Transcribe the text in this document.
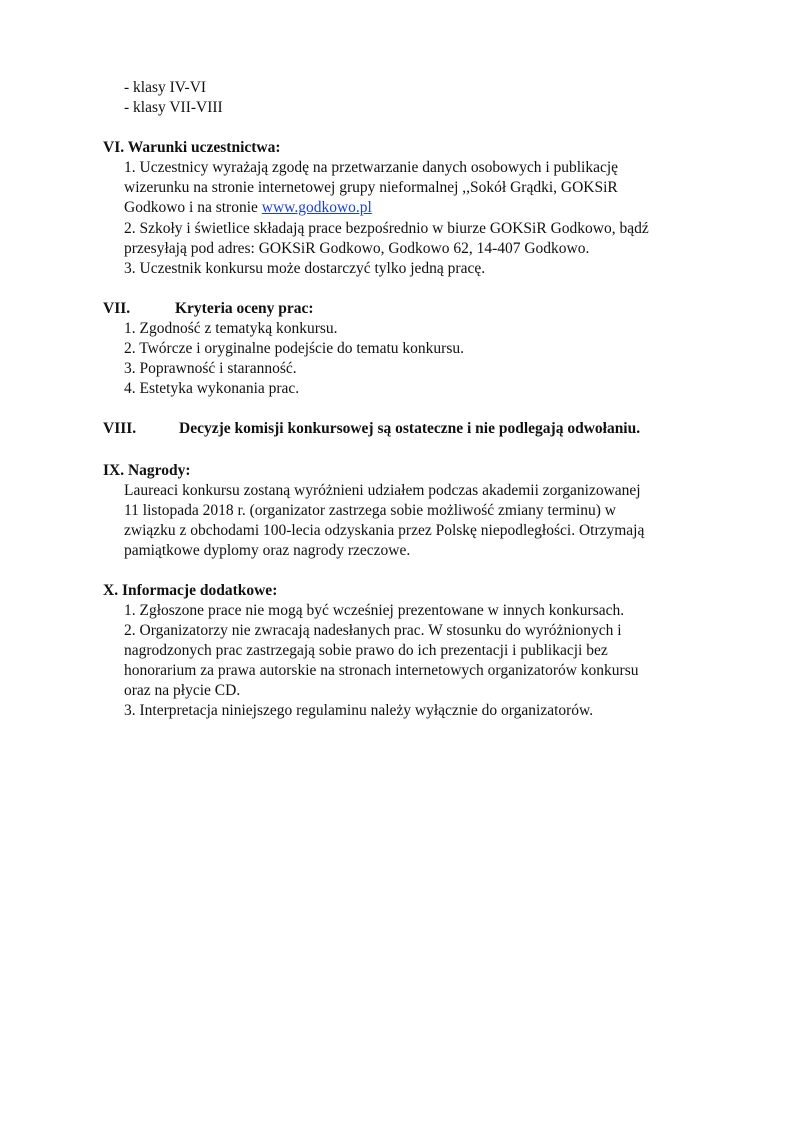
- klasy IV-VI
- klasy VII-VIII
VI. Warunki uczestnictwa:
1. Uczestnicy wyrażają zgodę na przetwarzanie danych osobowych i publikację
wizerunku na stronie internetowej grupy nieformalnej ,,Sokół Grądki, GOKSiR
Godkowo i na stronie www.godkowo.pl
2. Szkoły i świetlice składają prace bezpośrednio w biurze GOKSiR Godkowo, bądź
przesyłają pod adres: GOKSiR Godkowo, Godkowo 62, 14-407 Godkowo.
3. Uczestnik konkursu może dostarczyć tylko jedną pracę.
VII.	Kryteria oceny prac:
1. Zgodność z tematyką konkursu.
2. Twórcze i oryginalne podejście do tematu konkursu.
3. Poprawność i staranność.
4. Estetyka wykonania prac.
VIII.	Decyzje komisji konkursowej są ostateczne i nie podlegają odwołaniu.
IX. Nagrody:
Laureaci konkursu zostaną wyróżnieni udziałem podczas akademii zorganizowanej
11 listopada 2018 r. (organizator zastrzega sobie możliwość zmiany terminu) w
związku z obchodami 100-lecia odzyskania przez Polskę niepodległości. Otrzymają
pamiątkowe dyplomy oraz nagrody rzeczowe.
X. Informacje dodatkowe:
1. Zgłoszone prace nie mogą być wcześniej prezentowane w innych konkursach.
2. Organizatorzy nie zwracają nadesłanych prac. W stosunku do wyróżnionych i
nagrodzonych prac zastrzegają sobie prawo do ich prezentacji i publikacji bez
honorarium za prawa autorskie na stronach internetowych organizatorów konkursu
oraz na płycie CD.
3. Interpretacja niniejszego regulaminu należy wyłącznie do organizatorów.
